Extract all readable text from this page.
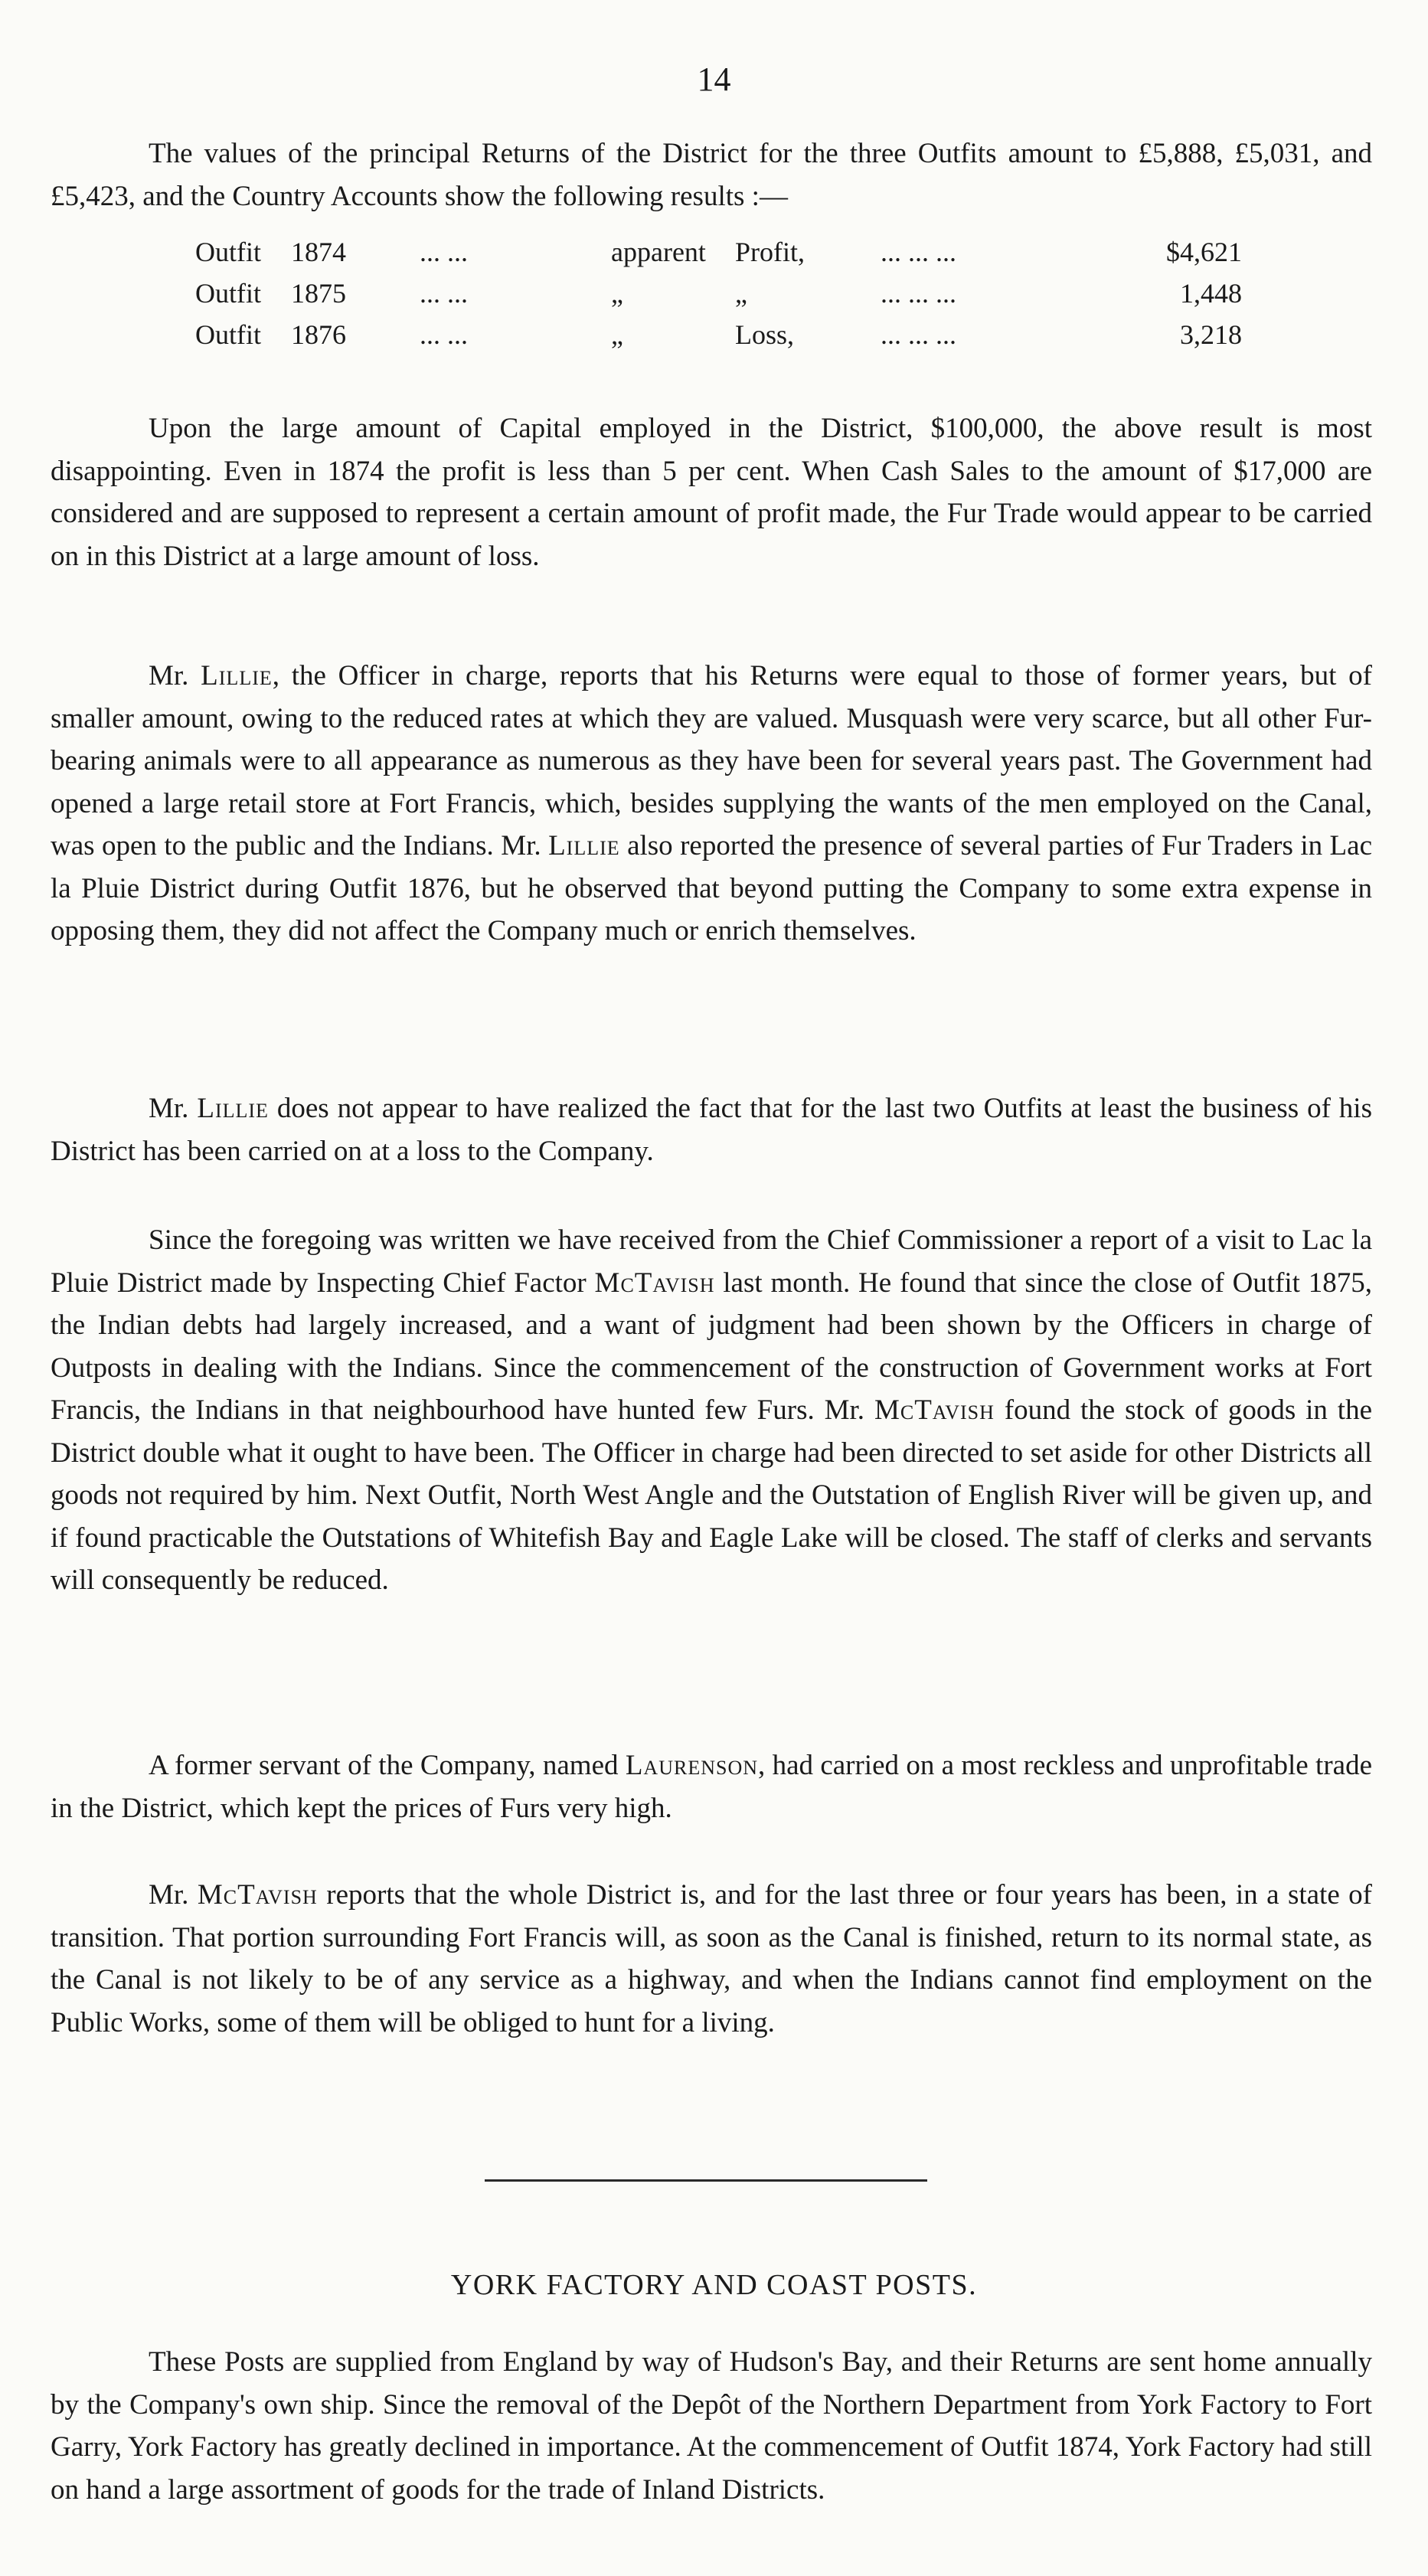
14

The values of the principal Returns of the District for the three Outfits amount to £5,888, £5,031, and £5,423, and the Country Accounts show the following results :—

Outfit 1874	... ...	apparent Profit,	... ... ...	$4,621
Outfit 1875	... ...	„	„	... ... ...	1,448
Outfit 1876	... ...	„	Loss,	... ... ...	3,218

Upon the large amount of Capital employed in the District, $100,000, the above result is most disappointing. Even in 1874 the profit is less than 5 per cent. When Cash Sales to the amount of $17,000 are considered and are supposed to represent a certain amount of profit made, the Fur Trade would appear to be carried on in this District at a large amount of loss.

Mr. Lillie, the Officer in charge, reports that his Returns were equal to those of former years, but of smaller amount, owing to the reduced rates at which they are valued. Musquash were very scarce, but all other Fur-bearing animals were to all appearance as numerous as they have been for several years past. The Government had opened a large retail store at Fort Francis, which, besides supplying the wants of the men employed on the Canal, was open to the public and the Indians. Mr. Lillie also reported the presence of several parties of Fur Traders in Lac la Pluie District during Outfit 1876, but he observed that beyond putting the Company to some extra expense in opposing them, they did not affect the Company much or enrich themselves.

Mr. Lillie does not appear to have realized the fact that for the last two Outfits at least the business of his District has been carried on at a loss to the Company.

Since the foregoing was written we have received from the Chief Commissioner a report of a visit to Lac la Pluie District made by Inspecting Chief Factor McTavish last month. He found that since the close of Outfit 1875, the Indian debts had largely increased, and a want of judgment had been shown by the Officers in charge of Outposts in dealing with the Indians. Since the commencement of the construction of Government works at Fort Francis, the Indians in that neighbourhood have hunted few Furs. Mr. McTavish found the stock of goods in the District double what it ought to have been. The Officer in charge had been directed to set aside for other Districts all goods not required by him. Next Outfit, North West Angle and the Outstation of English River will be given up, and if found practicable the Outstations of Whitefish Bay and Eagle Lake will be closed. The staff of clerks and servants will consequently be reduced.

A former servant of the Company, named Laurenson, had carried on a most reckless and unprofitable trade in the District, which kept the prices of Furs very high.

Mr. McTavish reports that the whole District is, and for the last three or four years has been, in a state of transition. That portion surrounding Fort Francis will, as soon as the Canal is finished, return to its normal state, as the Canal is not likely to be of any service as a highway, and when the Indians cannot find employment on the Public Works, some of them will be obliged to hunt for a living.

YORK FACTORY AND COAST POSTS.

These Posts are supplied from England by way of Hudson's Bay, and their Returns are sent home annually by the Company's own ship. Since the removal of the Depôt of the Northern Department from York Factory to Fort Garry, York Factory has greatly declined in importance. At the commencement of Outfit 1874, York Factory had still on hand a large assortment of goods for the trade of Inland Districts.
